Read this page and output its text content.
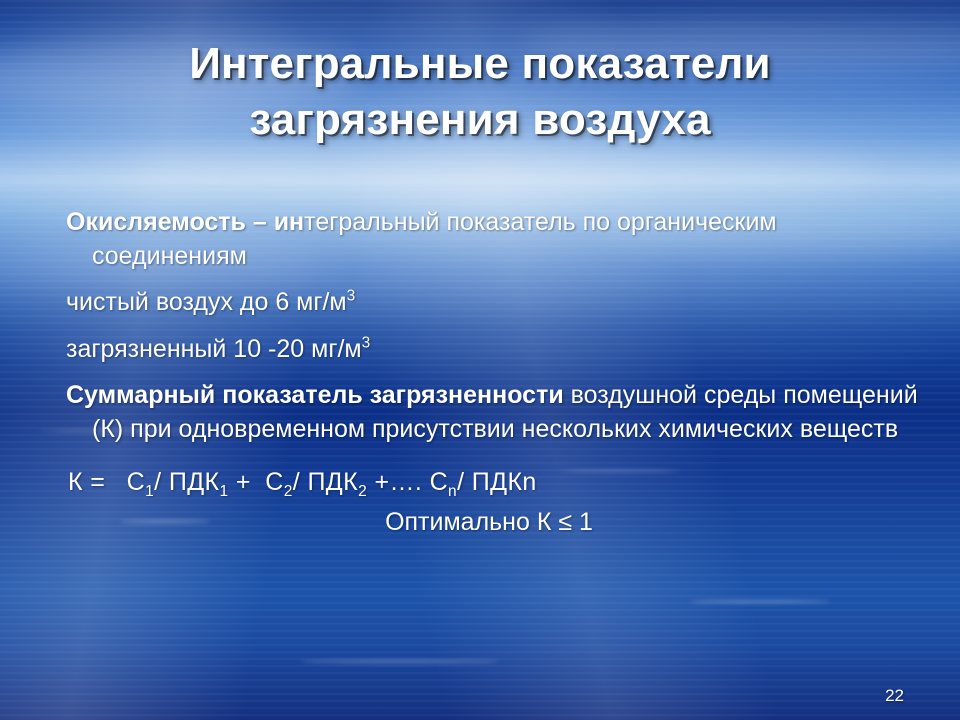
Интегральные показатели
загрязнения воздуха

Окисляемость – интегральный показатель по органическим соединениям

чистый воздух до 6 $мг/м^3$

загрязненный 10 -20 $мг/м^3$

Суммарный показатель загрязненности воздушной среды помещений (К) при одновременном присутствии нескольких химических веществ

$К = С_1/$ $ПДК_1 + С_2/$ $ПДК_2$ +…. $С_n/$ ПДКn

Оптимально К ≤ 1

22
